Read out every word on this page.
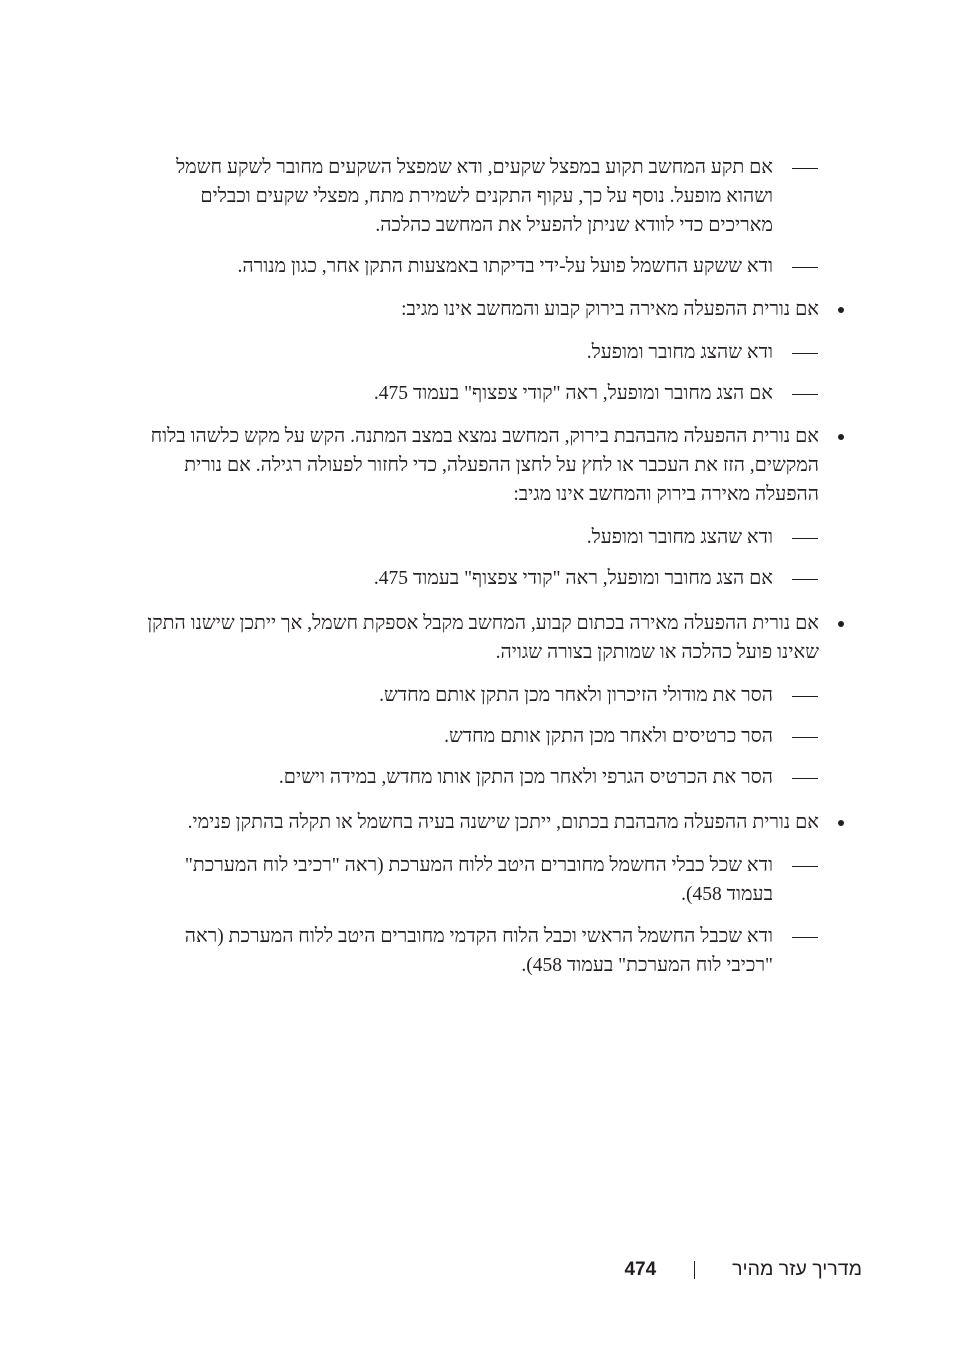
אם תקע המחשב תקוע במפצל שקעים, ודא שמפצל השקעים מחובר לשקע חשמל ושהוא מופעל. נוסף על כך, עקוף התקנים לשמירת מתח, מפצלי שקעים וכבלים מאריכים כדי לוודא שניתן להפעיל את המחשב כהלכה.

ודא ששקע החשמל פועל על-ידי בדיקתו באמצעות התקן אחר, כגון מנורה.

אם נורית ההפעלה מאירה בירוק קבוע והמחשב אינו מגיב:

ודא שהצג מחובר ומופעל.

אם הצג מחובר ומופעל, ראה "קודי צפצוף" בעמוד 475.

אם נורית ההפעלה מהבהבת בירוק, המחשב נמצא במצב המתנה. הקש על מקש כלשהו בלוח המקשים, הזז את העכבר או לחץ על לחצן ההפעלה, כדי לחזור לפעולה רגילה. אם נורית ההפעלה מאירה בירוק והמחשב אינו מגיב:

ודא שהצג מחובר ומופעל.

אם הצג מחובר ומופעל, ראה "קודי צפצוף" בעמוד 475.

אם נורית ההפעלה מאירה בכתום קבוע, המחשב מקבל אספקת חשמל, אך ייתכן שישנו התקן שאינו פועל כהלכה או שמותקן בצורה שגויה.

הסר את מודולי הזיכרון ולאחר מכן התקן אותם מחדש.

הסר כרטיסים ולאחר מכן התקן אותם מחדש.

הסר את הכרטיס הגרפי ולאחר מכן התקן אותו מחדש, במידה וישים.

אם נורית ההפעלה מהבהבת בכתום, ייתכן שישנה בעיה בחשמל או תקלה בהתקן פנימי.

ודא שכל כבלי החשמל מחוברים היטב ללוח המערכת (ראה "רכיבי לוח המערכת" בעמוד 458).

ודא שכבל החשמל הראשי וכבל הלוח הקדמי מחוברים היטב ללוח המערכת (ראה "רכיבי לוח המערכת" בעמוד 458).

מדריך עזר מהיר
474
